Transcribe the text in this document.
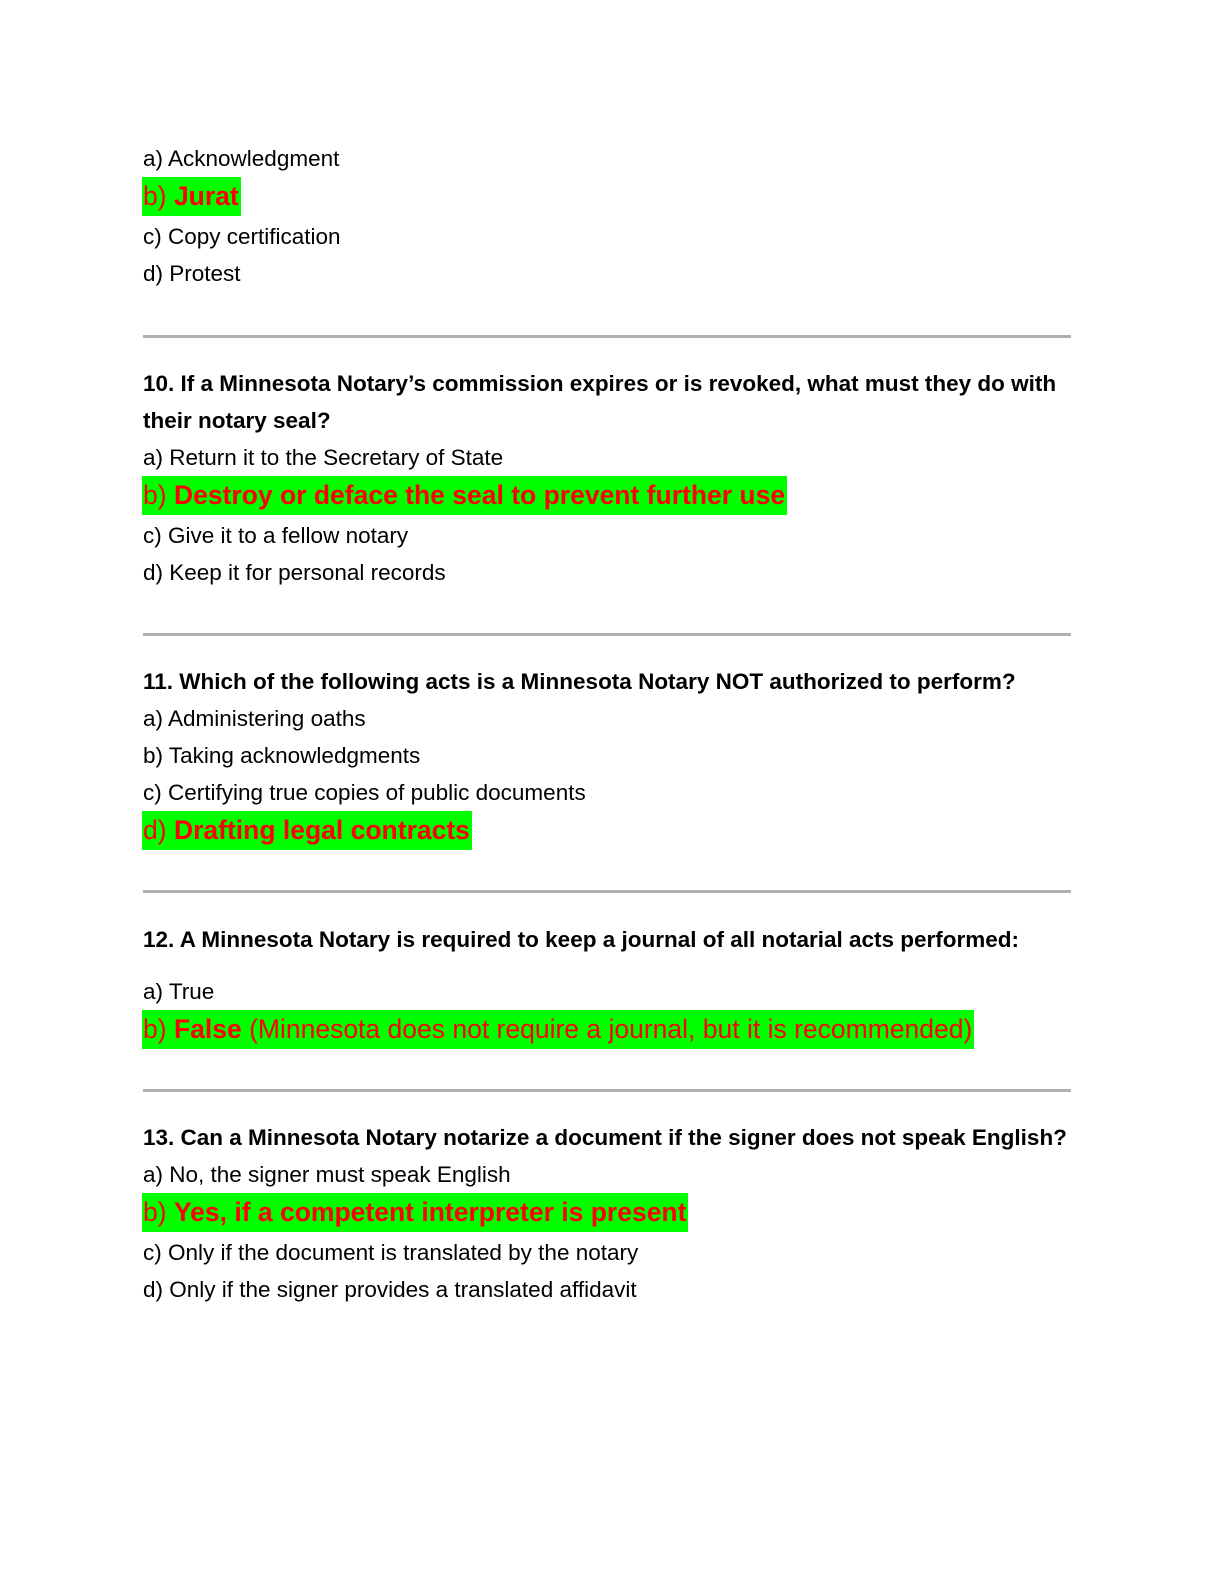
a) Acknowledgment
b) Jurat
c) Copy certification
d) Protest
10. If a Minnesota Notary’s commission expires or is revoked, what must they do with their notary seal?
a) Return it to the Secretary of State
b) Destroy or deface the seal to prevent further use
c) Give it to a fellow notary
d) Keep it for personal records
11. Which of the following acts is a Minnesota Notary NOT authorized to perform?
a) Administering oaths
b) Taking acknowledgments
c) Certifying true copies of public documents
d) Drafting legal contracts
12. A Minnesota Notary is required to keep a journal of all notarial acts performed:
a) True
b) False (Minnesota does not require a journal, but it is recommended)
13. Can a Minnesota Notary notarize a document if the signer does not speak English?
a) No, the signer must speak English
b) Yes, if a competent interpreter is present
c) Only if the document is translated by the notary
d) Only if the signer provides a translated affidavit
